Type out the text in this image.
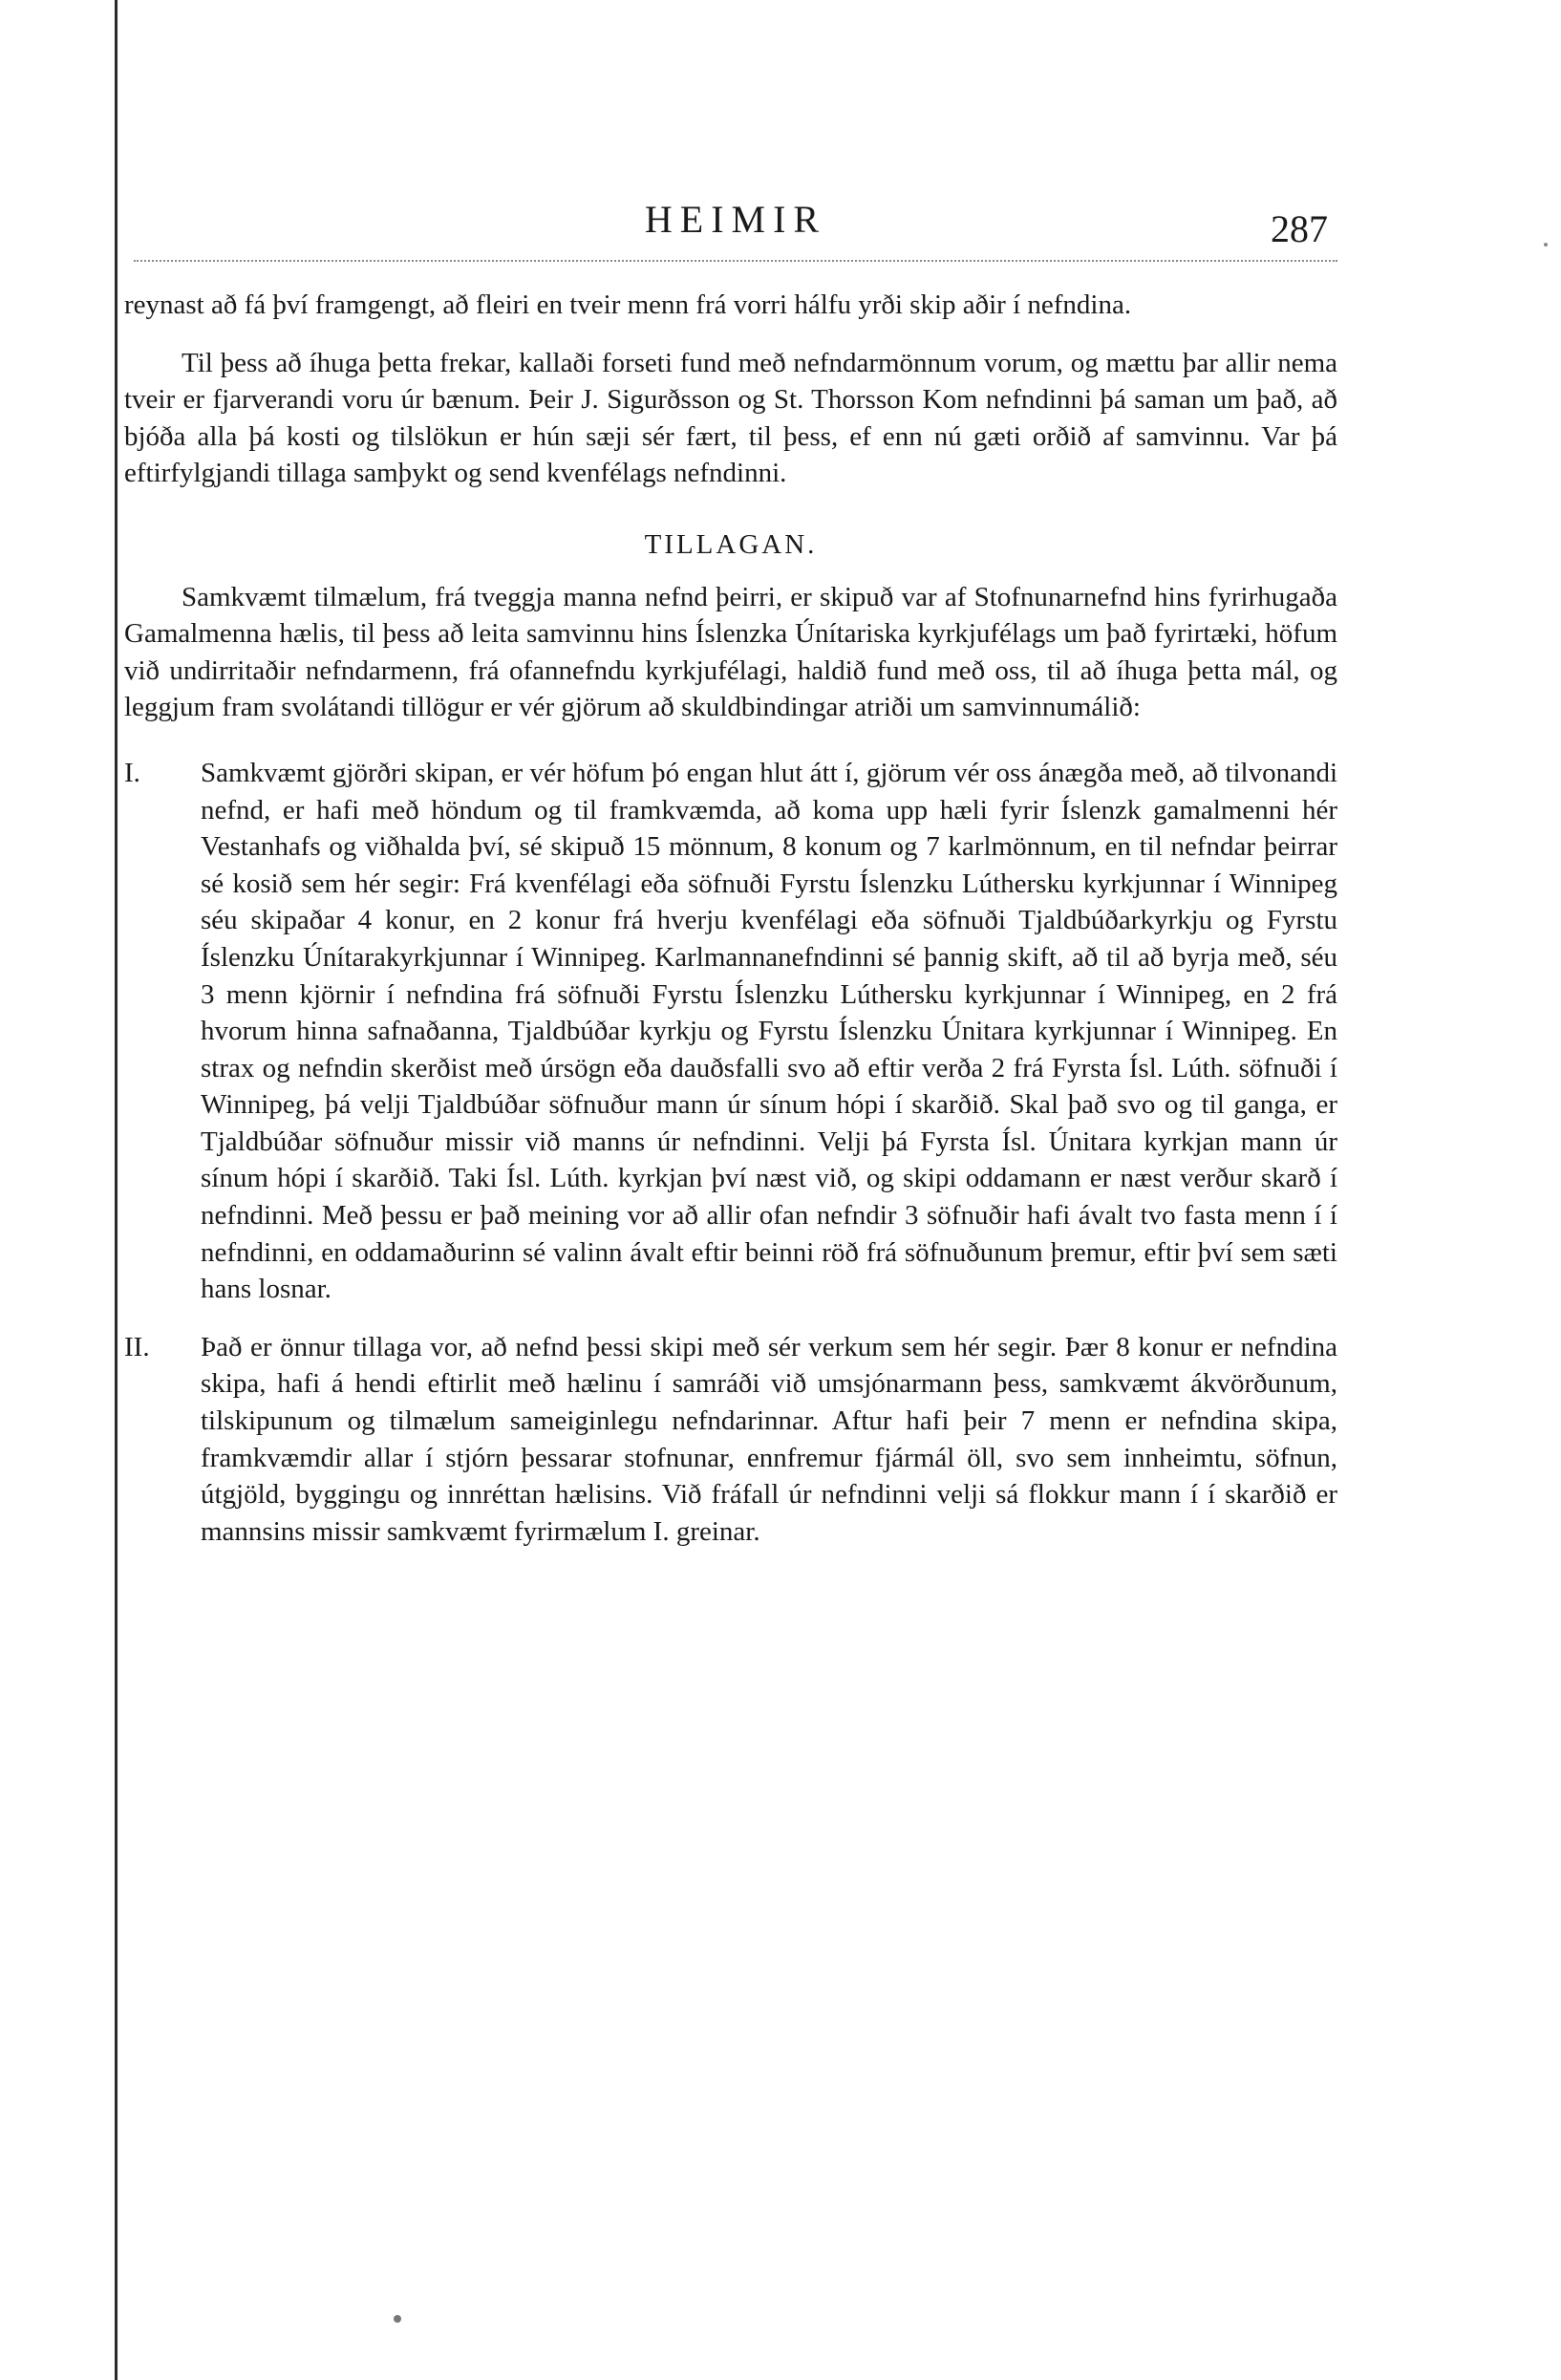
HEIMIR	287

reynast að fá því framgengt, að fleiri en tveir menn frá vorri hálfu yrði skip aðir í nefndina.

Til þess að íhuga þetta frekar, kallaði forseti fund með nefndarmönnum vorum, og mættu þar allir nema tveir er fjarverandi voru úr bænum. Þeir J. Sigurðsson og St. Thorsson Kom nefndinni þá saman um það, að bjóða alla þá kosti og tilslökun er hún sæji sér fært, til þess, ef enn nú gæti orðið af samvinnu. Var þá eftirfylgjandi tillaga samþykt og send kvenfélags nefndinni.

TILLAGAN.

Samkvæmt tilmælum, frá tveggja manna nefnd þeirri, er skipuð var af Stofnunarnefnd hins fyrirhugaða Gamalmenna hælis, til þess að leita samvinnu hins Íslenzka Únítariska kyrkjufélags um það fyrirtæki, höfum við undirritaðir nefndarmenn, frá ofannefndu kyrkjufélagi, haldið fund með oss, til að íhuga þetta mál, og leggjum fram svolátandi tillögur er vér gjörum að skuldbindingar atriði um samvinnumálið:

I. Samkvæmt gjörðri skipan, er vér höfum þó engan hlut átt í, gjörum vér oss ánægða með, að tilvonandi nefnd, er hafi með höndum og til framkvæmda, að koma upp hæli fyrir Íslenzk gamalmenni hér Vestanhafs og viðhalda því, sé skipuð 15 mönnum, 8 konum og 7 karlmönnum, en til nefndar þeirrar sé kosið sem hér segir: Frá kvenfélagi eða söfnuði Fyrstu Íslenzku Lúthersku kyrkjunnar í Winnipeg séu skipaðar 4 konur, en 2 konur frá hverju kvenfélagi eða söfnuði Tjaldbúðarkyrkju og Fyrstu Íslenzku Únítarakyrkjunnar í Winnipeg. Karlmannanefndinni sé þannig skift, að til að byrja með, séu 3 menn kjörnir í nefndina frá söfnuði Fyrstu Íslenzku Lúthersku kyrkjunnar í Winnipeg, en 2 frá hvorum hinna safnaðanna, Tjaldbúðar kyrkju og Fyrstu Íslenzku Únitara kyrkjunnar í Winnipeg. En strax og nefndin skerðist með úrsögn eða dauðsfalli svo að eftir verða 2 frá Fyrsta Ísl. Lúth. söfnuði í Winnipeg, þá velji Tjaldbúðar söfnuður mann úr sínum hópi í skarðið. Skal það svo og til ganga, er Tjaldbúðar söfnuður missir við manns úr nefndinni. Velji þá Fyrsta Ísl. Únitara kyrkjan mann úr sínum hópi í skarðið. Taki Ísl. Lúth. kyrkjan því næst við, og skipi oddamann er næst verður skarð í nefndinni. Með þessu er það meining vor að allir ofan nefndir 3 söfnuðir hafi ávalt tvo fasta menn í í nefndinni, en oddamaðurinn sé valinn ávalt eftir beinni röð frá söfnuðunum þremur, eftir því sem sæti hans losnar.
II. Það er önnur tillaga vor, að nefnd þessi skipi með sér verkum sem hér segir. Þær 8 konur er nefndina skipa, hafi á hendi eftirlit með hælinu í samráði við umsjónarmann þess, samkvæmt ákvörðunum, tilskipunum og tilmælum sameiginlegu nefndarinnar. Aftur hafi þeir 7 menn er nefndina skipa, framkvæmdir allar í stjórn þessarar stofnunar, ennfremur fjármál öll, svo sem innheimtu, söfnun, útgjöld, byggingu og innréttan hælisins. Við fráfall úr nefndinni velji sá flokkur mann í í skarðið er mannsins missir samkvæmt fyrirmælum I. greinar.
